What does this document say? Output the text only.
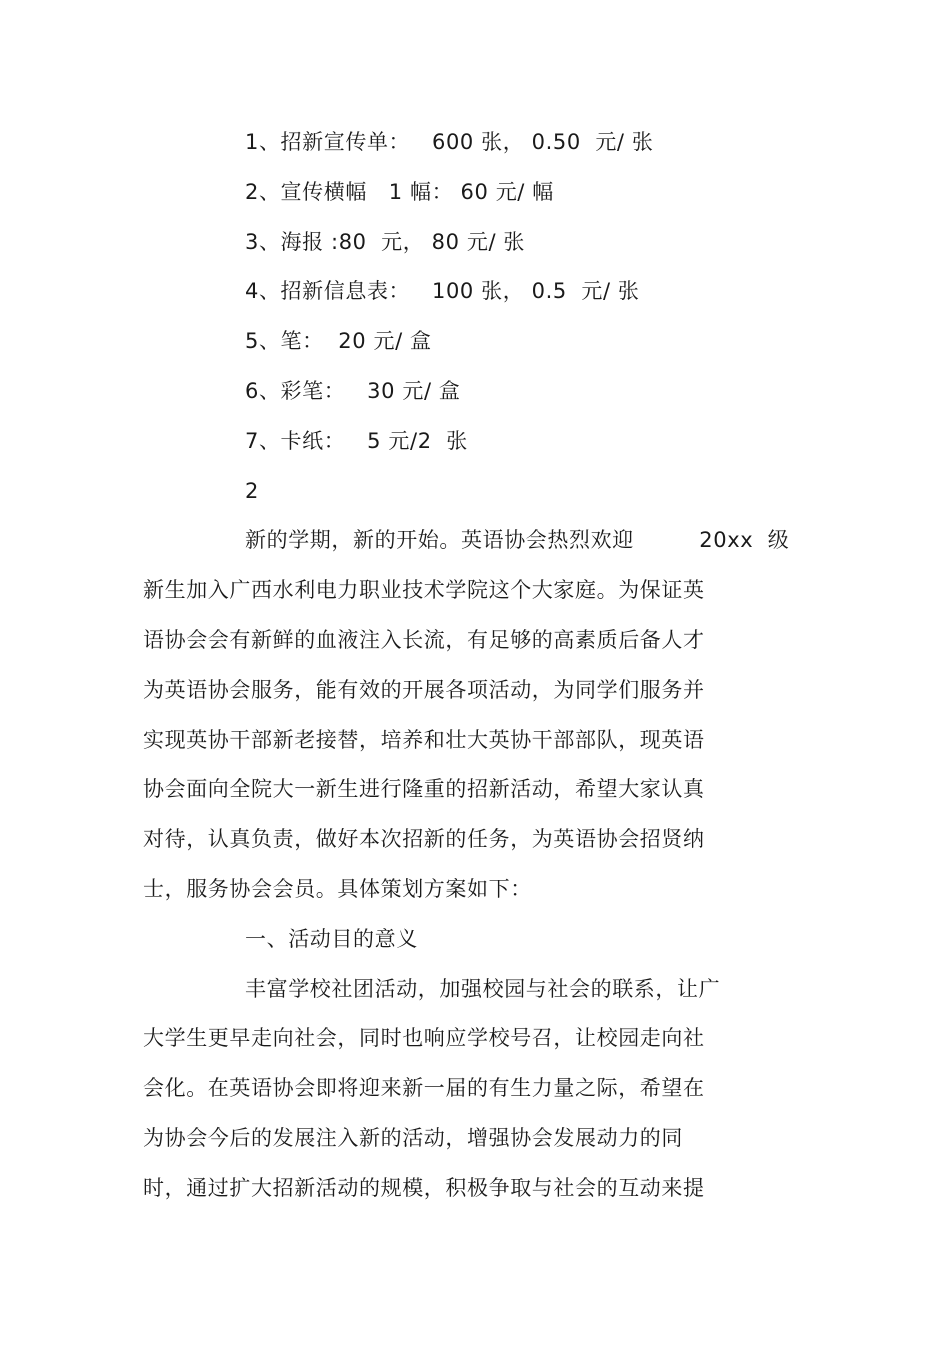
1、招新宣传单：   600 张， 0.50  元/ 张
2、宣传横幅   1 幅： 60 元/ 幅
3、海报 :80  元， 80 元/ 张
4、招新信息表：   100 张， 0.5  元/ 张
5、笔：  20 元/ 盒
6、彩笔：   30 元/ 盒
7、卡纸：   5 元/2  张
2
新的学期，新的开始。英语协会热烈欢迎         20xx  级
新生加入广西水利电力职业技术学院这个大家庭。为保证英
语协会会有新鲜的血液注入长流，有足够的高素质后备人才
为英语协会服务，能有效的开展各项活动，为同学们服务并
实现英协干部新老接替，培养和壮大英协干部部队，现英语
协会面向全院大一新生进行隆重的招新活动，希望大家认真
对待，认真负责，做好本次招新的任务，为英语协会招贤纳
士，服务协会会员。具体策划方案如下：
一、活动目的意义
丰富学校社团活动，加强校园与社会的联系，让广
大学生更早走向社会，同时也响应学校号召，让校园走向社
会化。在英语协会即将迎来新一届的有生力量之际，希望在
为协会今后的发展注入新的活动，增强协会发展动力的同
时，通过扩大招新活动的规模，积极争取与社会的互动来提
